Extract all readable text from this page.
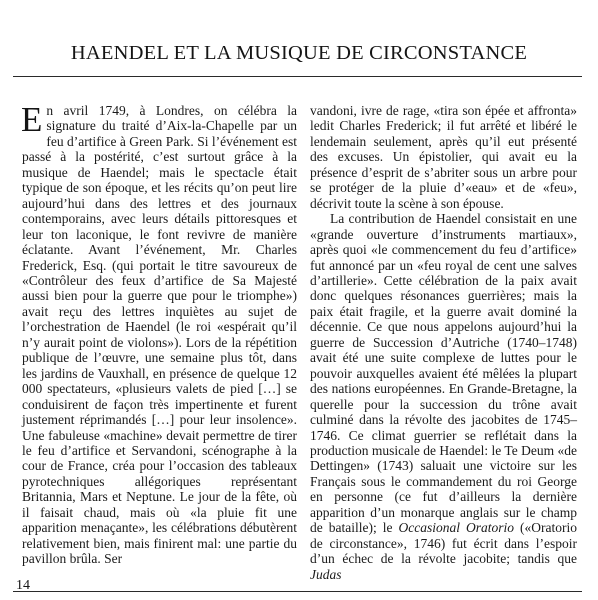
HAENDEL ET LA MUSIQUE DE CIRCONSTANCE

En avril 1749, à Londres, on célébra la signature du traité d’Aix-la-Chapelle par un feu d’artifice à Green Park. Si l’événement est passé à la postérité, c’est surtout grâce à la musique de Haendel; mais le spectacle était typique de son époque, et les récits qu’on peut lire aujourd’hui dans des lettres et des journaux contemporains, avec leurs détails pittoresques et leur ton laconique, le font revivre de manière éclatante. Avant l’événement, Mr. Charles Frederick, Esq. (qui portait le titre savoureux de «Contrôleur des feux d’artifice de Sa Majesté aussi bien pour la guerre que pour le triomphe») avait reçu des lettres inquiètes au sujet de l’orchestration de Haendel (le roi «espérait qu’il n’y aurait point de violons»). Lors de la répétition publique de l’œuvre, une semaine plus tôt, dans les jardins de Vauxhall, en présence de quelque 12 000 spectateurs, «plusieurs valets de pied […] se conduisirent de façon très impertinente et furent justement réprimandés […] pour leur insolence». Une fabuleuse «machine» devait permettre de tirer le feu d’artifice et Servandoni, scénographe à la cour de France, créa pour l’occasion des tableaux pyrotechniques allégoriques représentant Britannia, Mars et Neptune. Le jour de la fête, où il faisait chaud, mais où «la pluie fit une apparition menaçante», les célébrations débutèrent relativement bien, mais finirent mal: une partie du pavillon brûla. Ser

vandoni, ivre de rage, «tira son épée et affronta» ledit Charles Frederick; il fut arrêté et libéré le lendemain seulement, après qu’il eut présenté des excuses. Un épistolier, qui avait eu la présence d’esprit de s’abriter sous un arbre pour se protéger de la pluie d’«eau» et de «feu», décrivit toute la scène à son épouse.

La contribution de Haendel consistait en une «grande ouverture d’instruments martiaux», après quoi «le commencement du feu d’artifice» fut annoncé par un «feu royal de cent une salves d’artillerie». Cette célébration de la paix avait donc quelques résonances guerrières; mais la paix était fragile, et la guerre avait dominé la décennie. Ce que nous appelons aujourd’hui la guerre de Succession d’Autriche (1740–1748) avait été une suite complexe de luttes pour le pouvoir auxquelles avaient été mêlées la plupart des nations européennes. En Grande-Bretagne, la querelle pour la succession du trône avait culminé dans la révolte des jacobites de 1745–1746. Ce climat guerrier se reflétait dans la production musicale de Haendel: le Te Deum «de Dettingen» (1743) saluait une victoire sur les Français sous le commandement du roi George en personne (ce fut d’ailleurs la dernière apparition d’un monarque anglais sur le champ de bataille); le Occasional Oratorio («Oratorio de circonstance», 1746) fut écrit dans l’espoir d’un échec de la révolte jacobite; tandis que Judas

14
